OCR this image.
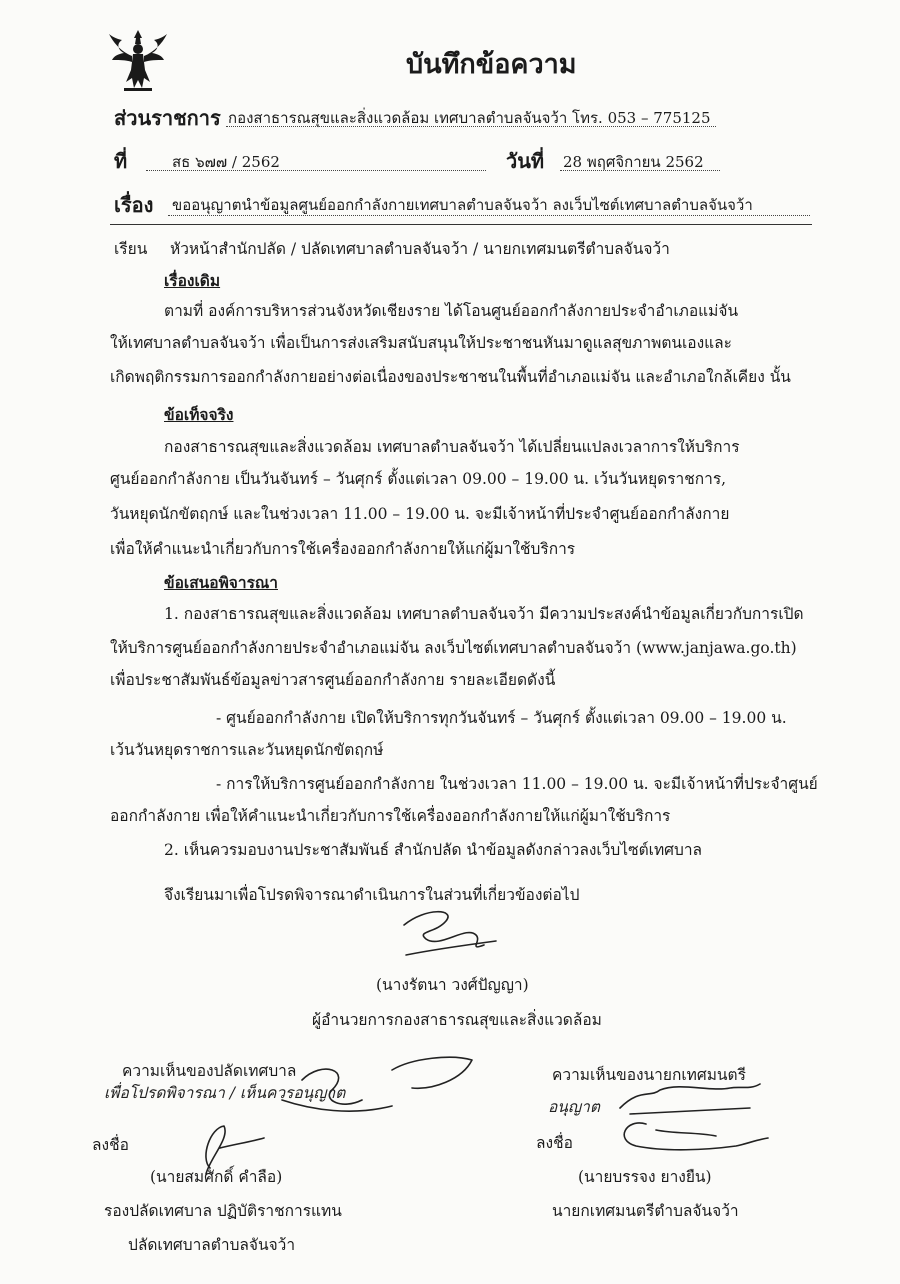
บันทึกข้อความ
ส่วนราชการ กองสาธารณสุขและสิ่งแวดล้อม เทศบาลตำบลจันจว้า โทร. 053 – 775125
ที่	สธ ๖๗๗ / 2562	วันที่ 28 พฤศจิกายน 2562
เรื่อง ขออนุญาตนำข้อมูลศูนย์ออกกำลังกายเทศบาลตำบลจันจว้า ลงเว็บไซต์เทศบาลตำบลจันจว้า
เรียน หัวหน้าสำนักปลัด / ปลัดเทศบาลตำบลจันจว้า / นายกเทศมนตรีตำบลจันจว้า
เรื่องเดิม
ตามที่ องค์การบริหารส่วนจังหวัดเชียงราย ได้โอนศูนย์ออกกำลังกายประจำอำเภอแม่จัน
ให้เทศบาลตำบลจันจว้า เพื่อเป็นการส่งเสริมสนับสนุนให้ประชาชนหันมาดูแลสุขภาพตนเองและ
เกิดพฤติกรรมการออกกำลังกายอย่างต่อเนื่องของประชาชนในพื้นที่อำเภอแม่จัน และอำเภอใกล้เคียง นั้น
ข้อเท็จจริง
กองสาธารณสุขและสิ่งแวดล้อม เทศบาลตำบลจันจว้า ได้เปลี่ยนแปลงเวลาการให้บริการ
ศูนย์ออกกำลังกาย เป็นวันจันทร์ – วันศุกร์ ตั้งแต่เวลา 09.00 – 19.00 น. เว้นวันหยุดราชการ,
วันหยุดนักขัตฤกษ์ และในช่วงเวลา 11.00 – 19.00 น. จะมีเจ้าหน้าที่ประจำศูนย์ออกกำลังกาย
เพื่อให้คำแนะนำเกี่ยวกับการใช้เครื่องออกกำลังกายให้แก่ผู้มาใช้บริการ
ข้อเสนอพิจารณา
1. กองสาธารณสุขและสิ่งแวดล้อม เทศบาลตำบลจันจว้า มีความประสงค์นำข้อมูลเกี่ยวกับการเปิด
ให้บริการศูนย์ออกกำลังกายประจำอำเภอแม่จัน ลงเว็บไซต์เทศบาลตำบลจันจว้า (www.janjawa.go.th)
เพื่อประชาสัมพันธ์ข้อมูลข่าวสารศูนย์ออกกำลังกาย รายละเอียดดังนี้
- ศูนย์ออกกำลังกาย เปิดให้บริการทุกวันจันทร์ – วันศุกร์ ตั้งแต่เวลา 09.00 – 19.00 น.
เว้นวันหยุดราชการและวันหยุดนักขัตฤกษ์
- การให้บริการศูนย์ออกกำลังกาย ในช่วงเวลา 11.00 – 19.00 น. จะมีเจ้าหน้าที่ประจำศูนย์
ออกกำลังกาย เพื่อให้คำแนะนำเกี่ยวกับการใช้เครื่องออกกำลังกายให้แก่ผู้มาใช้บริการ
2. เห็นควรมอบงานประชาสัมพันธ์ สำนักปลัด นำข้อมูลดังกล่าวลงเว็บไซต์เทศบาล
จึงเรียนมาเพื่อโปรดพิจารณาดำเนินการในส่วนที่เกี่ยวข้องต่อไป
(นางรัตนา วงศ์ปัญญา)
ผู้อำนวยการกองสาธารณสุขและสิ่งแวดล้อม
ความเห็นของปลัดเทศบาล
เพื่อโปรดพิจารณา / เห็นควรอนุญาต
ลงชื่อ
(นายสมศักดิ์ คำลือ)
รองปลัดเทศบาล ปฏิบัติราชการแทน
ปลัดเทศบาลตำบลจันจว้า
ความเห็นของนายกเทศมนตรี
อนุญาต
ลงชื่อ
(นายบรรจง ยางยืน)
นายกเทศมนตรีตำบลจันจว้า
